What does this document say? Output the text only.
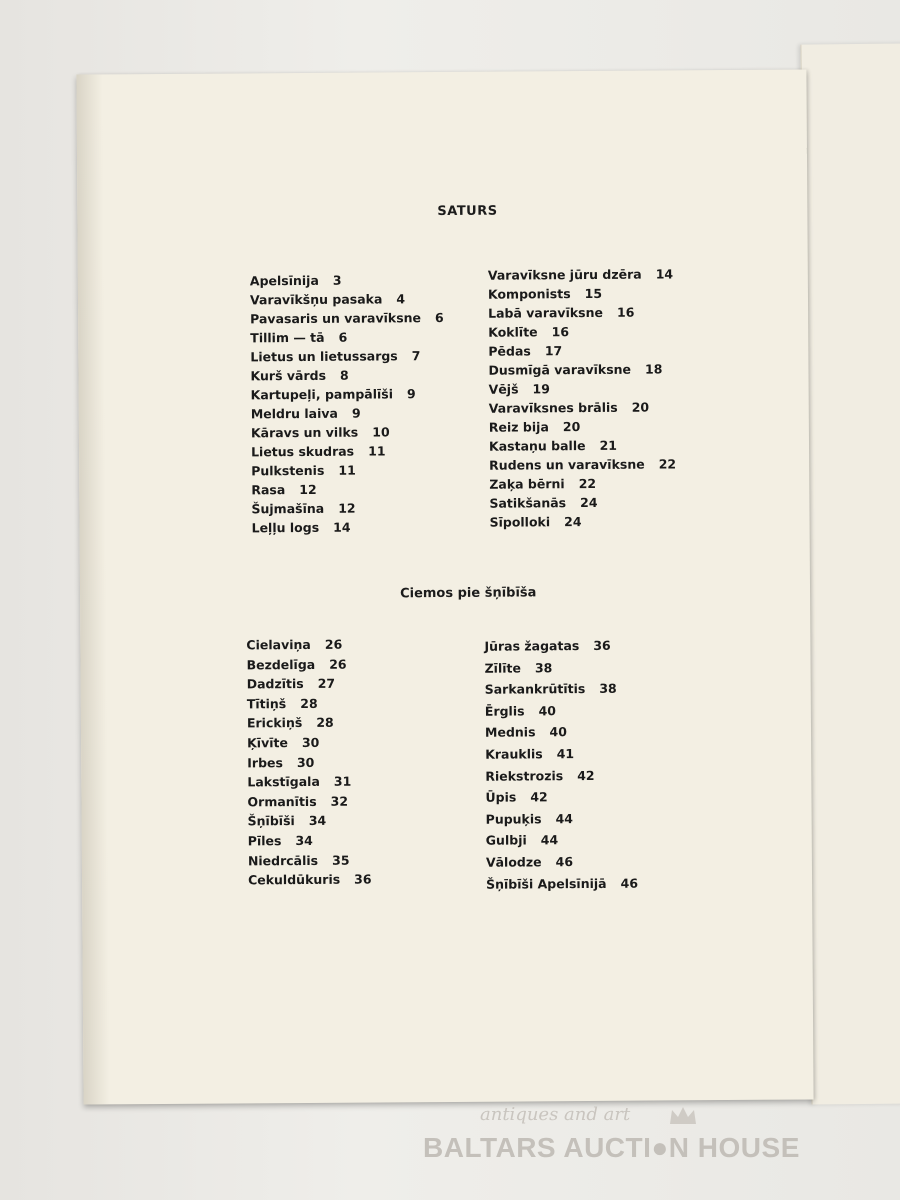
SATURS
Apelsīnija 3
Varavīkšņu pasaka 4
Pavasaris un varavīksne 6
Tillim — tā 6
Lietus un lietussargs 7
Kurš vārds 8
Kartupeļi, pampālīši 9
Meldru laiva 9
Kāravs un vilks 10
Lietus skudras 11
Pulkstenis 11
Rasa 12
Šujmašīna 12
Leļļu logs 14
Varavīksne jūru dzēra 14
Komponists 15
Labā varavīksne 16
Koklīte 16
Pēdas 17
Dusmīgā varavīksne 18
Vējš 19
Varavīksnes brālis 20
Reiz bija 20
Kastaņu balle 21
Rudens un varavīksne 22
Zaķa bērni 22
Satikšanās 24
Sīpolloki 24
Ciemos pie šņībīša
Cielaviņa 26
Bezdelīga 26
Dadzītis 27
Tītiņš 28
Erickiņš 28
Ķīvīte 30
Irbes 30
Lakstīgala 31
Ormanītis 32
Šņībīši 34
Pīles 34
Niedrcālis 35
Cekuldūkuris 36
Jūras žagatas 36
Zīlīte 38
Sarkankrūtītis 38
Ērglis 40
Mednis 40
Krauklis 41
Riekstrozis 42
Ūpis 42
Pupuķis 44
Gulbji 44
Vālodze 46
Šņībīši Apelsīnijā 46
antiques and art
BALTARS AUCTI●N HOUSE
